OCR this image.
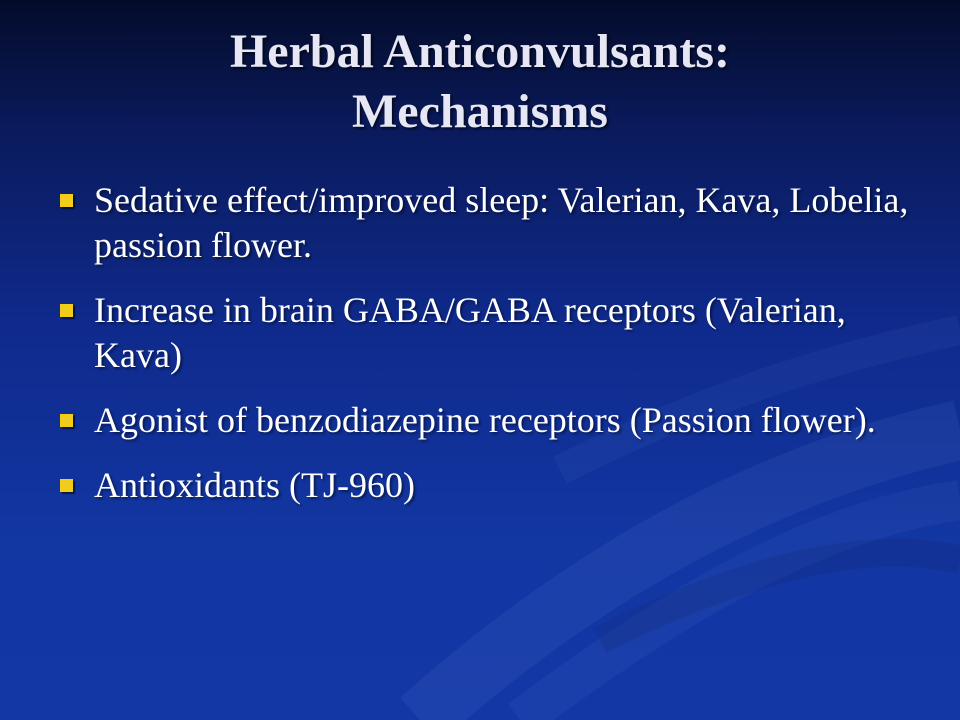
Herbal Anticonvulsants:
Mechanisms
Sedative effect/improved sleep: Valerian, Kava, Lobelia, passion flower.
Increase in brain GABA/GABA receptors (Valerian, Kava)
Agonist of benzodiazepine receptors (Passion flower).
Antioxidants (TJ-960)
